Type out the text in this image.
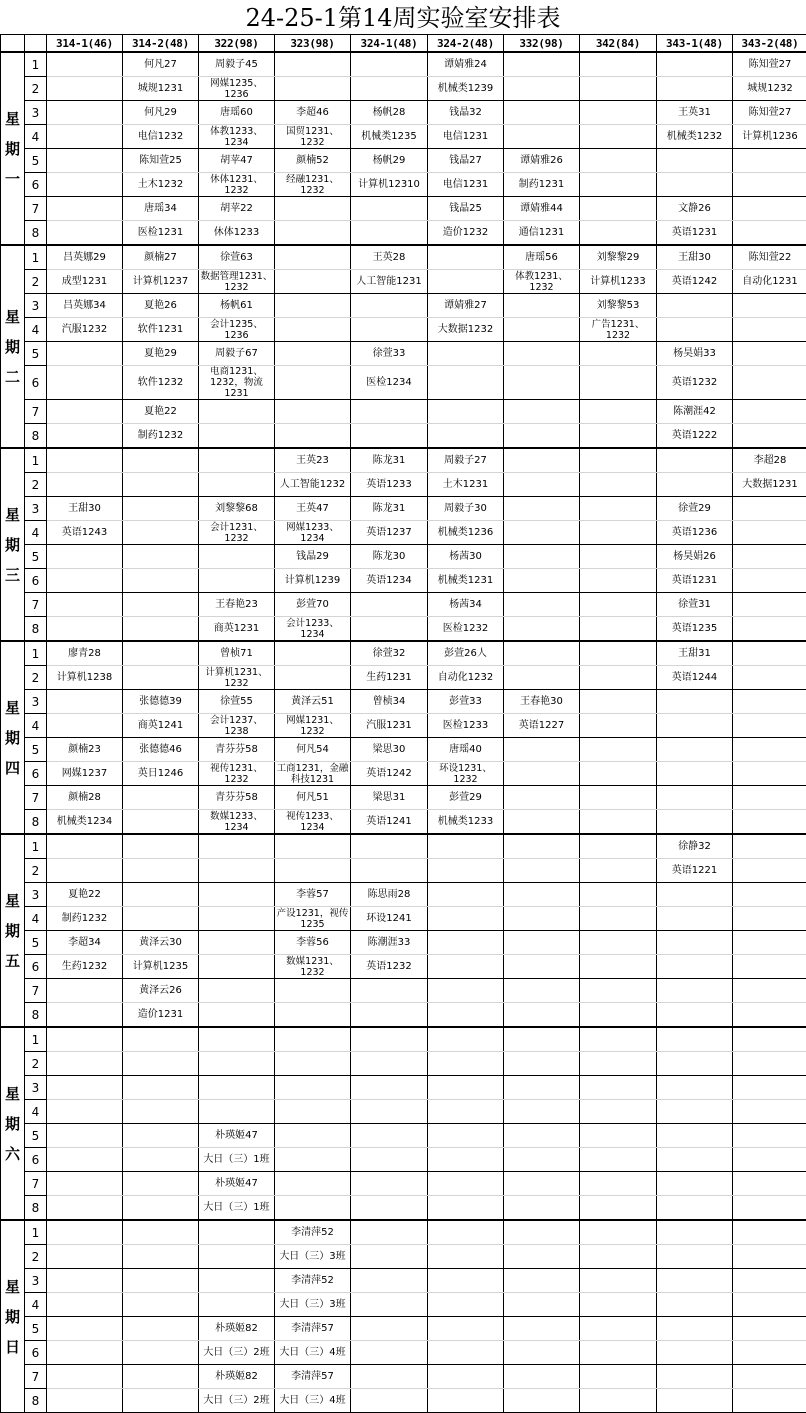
24-25-1第14周实验室安排表
		314-1(46)	314-2(48)	322(98)	323(98)	324-1(48)	324-2(48)	332(98)	342(84)	343-1(48)	343-2(48)
星期一	1		何凡27	周毅子45			谭婧雅24				陈知萱27
	2		城规1231	网媒1235、1236			机械类1239				城规1232
	3		何凡29	唐瑶60	李超46	杨帆28	钱晶32			王英31	陈知萱27
	4		电信1232	体教1233、1234	国贸1231、1232	机械类1235	电信1231			机械类1232	计算机1236
	5		陈知萱25	胡苹47	颜楠52	杨帆29	钱晶27	谭婧雅26			
	6		土木1232	休体1231、1232	经融1231、1232	计算机12310	电信1231	制药1231			
	7		唐瑶34	胡苹22			钱晶25	谭婧雅44		文静26	
	8		医检1231	休体1233			造价1232	通信1231		英语1231	
星期二	1	吕英娜29	颜楠27	徐萱63		王英28		唐瑶56	刘黎黎29	王甜30	陈知萱22
	2	成型1231	计算机1237	数据管理1231、1232		人工智能1231		体教1231、1232	计算机1233	英语1242	自动化1231
	3	吕英娜34	夏艳26	杨帆61			谭婧雅27		刘黎黎53		
	4	汽服1232	软件1231	会计1235、1236			大数据1232		广告1231、1232		
	5		夏艳29	周毅子67		徐萱33				杨昊娟33	
	6		软件1232	电商1231、1232，物流1231		医检1234				英语1232	
	7		夏艳22							陈潮涯42	
	8		制药1232							英语1222	
星期三	1				王英23	陈龙31	周毅子27				李超28
	2				人工智能1232	英语1233	土木1231				大数据1231
	3	王甜30		刘黎黎68	王英47	陈龙31	周毅子30			徐萱29	
	4	英语1243		会计1231、1232	网媒1233、1234	英语1237	机械类1236			英语1236	
	5				钱晶29	陈龙30	杨茜30			杨昊娟26	
	6				计算机1239	英语1234	机械类1231			英语1231	
	7			王春艳23	彭萱70		杨茜34			徐萱31	
	8			商英1231	会计1233、1234		医检1232			英语1235	
星期四	1	廖青28		曾桢71		徐萱32	彭萱26人			王甜31	
	2	计算机1238		计算机1231、1232		生药1231	自动化1232			英语1244	
	3		张德德39	徐萱55	黄泽云51	曾桢34	彭萱33	王春艳30			
	4		商英1241	会计1237、1238	网媒1231、1232	汽服1231	医检1233	英语1227			
	5	颜楠23	张德德46	青芬芬58	何凡54	梁思30	唐瑶40				
	6	网媒1237	英日1246	视传1231、1232	工商1231，金融科技1231	英语1242	环设1231、1232				
	7	颜楠28		青芬芬58	何凡51	梁思31	彭萱29				
	8	机械类1234		数媒1233、1234	视传1233、1234	英语1241	机械类1233				
星期五	1									徐静32	
	2									英语1221	
	3	夏艳22			李蓉57	陈思雨28					
	4	制药1232			产设1231，视传1235	环设1241					
	5	李超34	黄泽云30		李蓉56	陈潮涯33					
	6	生药1232	计算机1235		数媒1231、1232	英语1232					
	7		黄泽云26								
	8		造价1231								
星期六	1										
	2										
	3										
	4										
	5			朴瑛姬47							
	6			大日（三）1班							
	7			朴瑛姬47							
	8			大日（三）1班							
星期日	1				李清萍52						
	2				大日（三）3班						
	3				李清萍52						
	4				大日（三）3班						
	5			朴瑛姬82	李清萍57						
	6			大日（三）2班	大日（三）4班						
	7			朴瑛姬82	李清萍57						
	8			大日（三）2班	大日（三）4班						
